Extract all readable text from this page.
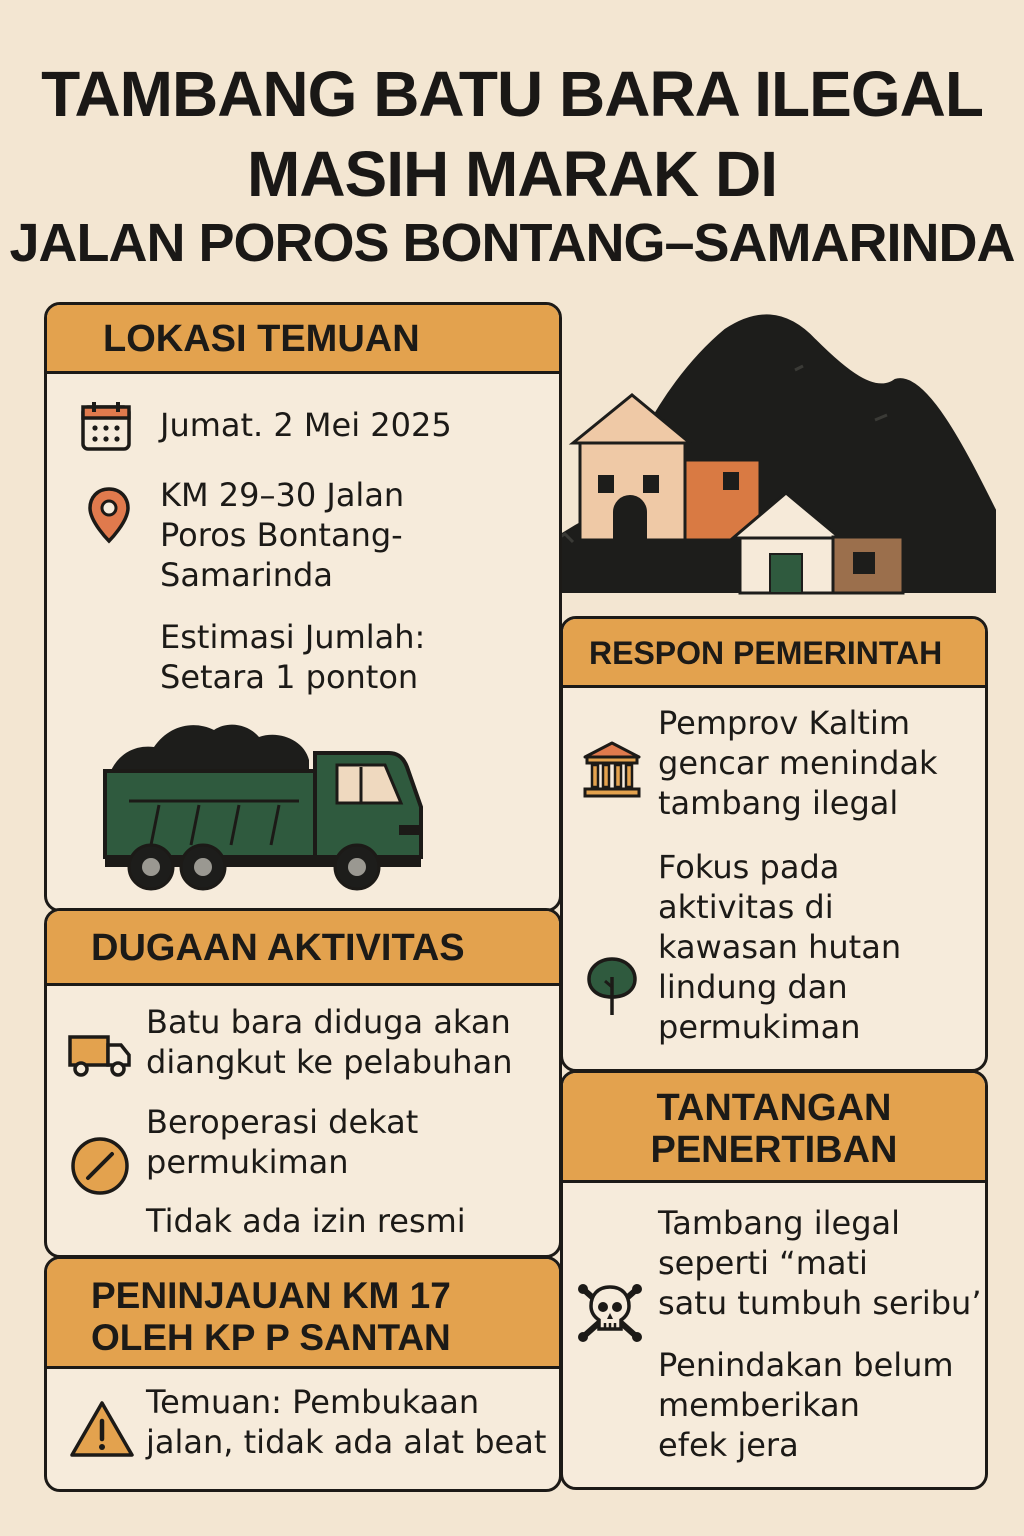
TAMBANG BATU BARA ILEGAL
MASIH MARAK DI
JALAN POROS BONTANG–SAMARINDA
LOKASI TEMUAN
Jumat. 2 Mei 2025
KM 29–30 Jalan
Poros Bontang-
Samarinda
Estimasi Jumlah:
Setara 1 ponton
DUGAAN AKTIVITAS
Batu bara diduga akan
diangkut ke pelabuhan
Beroperasi dekat
permukiman
Tidak ada izin resmi
PENINJAUAN KM 17
OLEH KP P SANTAN
Temuan: Pembukaan
jalan, tidak ada alat beat
RESPON PEMERINTAH
Pemprov Kaltim
gencar menindak
tambang ilegal
Fokus pada
aktivitas di
kawasan hutan
lindung dan
permukiman
TANTANGAN
PENERTIBAN
Tambang ilegal
seperti “mati
satu tumbuh seribu’
Penindakan belum
memberikan
efek jera
